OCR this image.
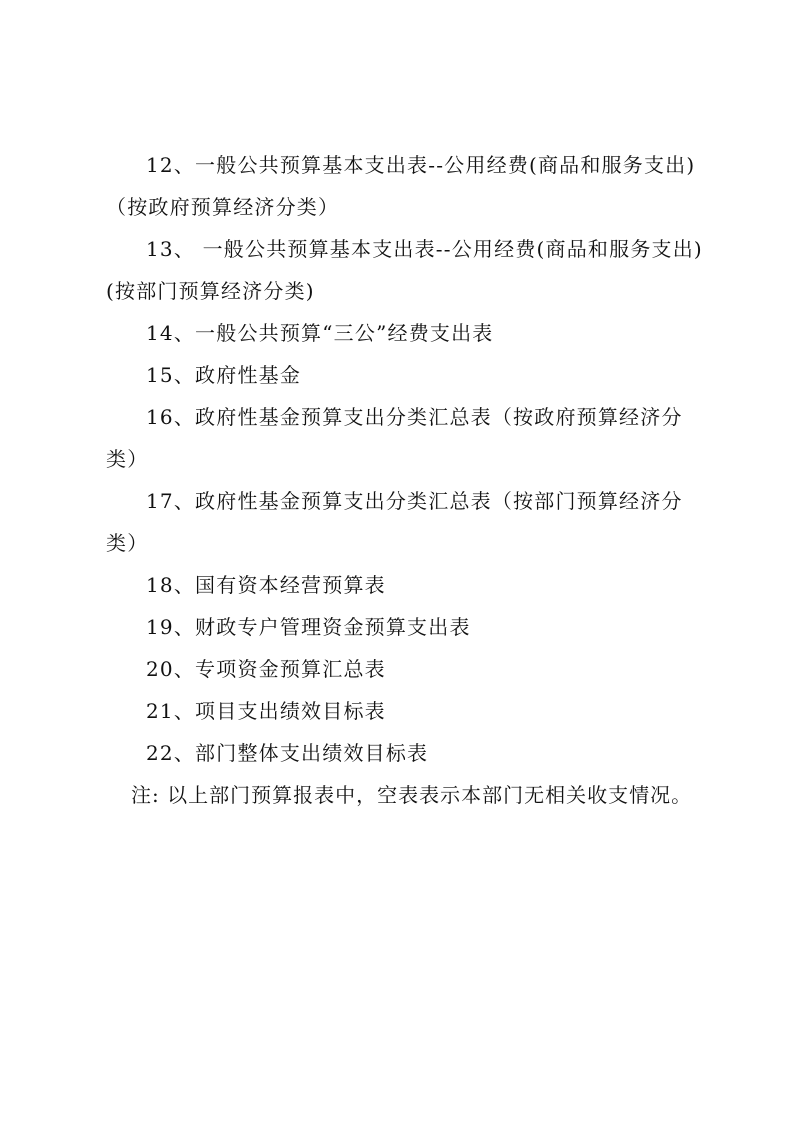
12、一般公共预算基本支出表--公用经费(商品和服务支出)（按政府预算经济分类）

13、 一般公共预算基本支出表--公用经费(商品和服务支出)(按部门预算经济分类)

14、一般公共预算“三公”经费支出表

15、政府性基金

16、政府性基金预算支出分类汇总表（按政府预算经济分类）

17、政府性基金预算支出分类汇总表（按部门预算经济分类）

18、国有资本经营预算表

19、财政专户管理资金预算支出表

20、专项资金预算汇总表

21、项目支出绩效目标表

22、部门整体支出绩效目标表

注: 以上部门预算报表中，空表表示本部门无相关收支情况。
